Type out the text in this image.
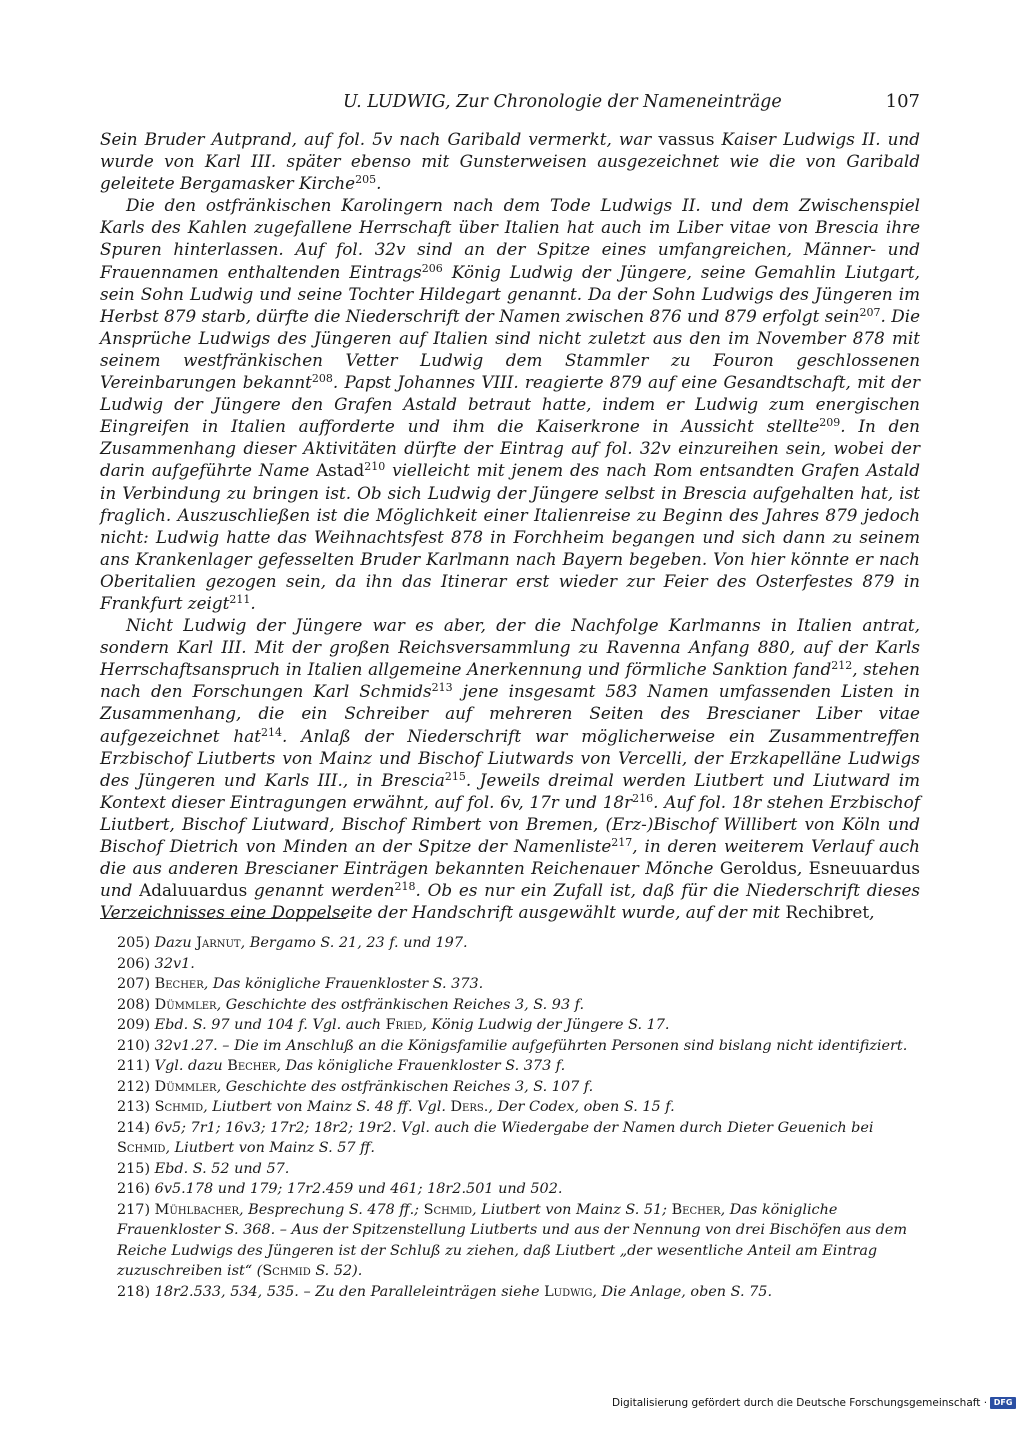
U. LUDWIG, Zur Chronologie der Nameneinträge	107

Sein Bruder Autprand, auf fol. 5v nach Garibald vermerkt, war vassus Kaiser Ludwigs II. und wurde von Karl III. später ebenso mit Gunsterweisen ausgezeichnet wie die von Garibald geleitete Bergamasker Kirche$^{205}$.

Die den ostfränkischen Karolingern nach dem Tode Ludwigs II. und dem Zwischenspiel Karls des Kahlen zugefallene Herrschaft über Italien hat auch im Liber vitae von Brescia ihre Spuren hinterlassen. Auf fol. 32v sind an der Spitze eines umfangreichen, Männer- und Frauennamen enthaltenden Eintrags$^{206}$ König Ludwig der Jüngere, seine Gemahlin Liutgart, sein Sohn Ludwig und seine Tochter Hildegart genannt. Da der Sohn Ludwigs des Jüngeren im Herbst 879 starb, dürfte die Niederschrift der Namen zwischen 876 und 879 erfolgt sein$^{207}$. Die Ansprüche Ludwigs des Jüngeren auf Italien sind nicht zuletzt aus den im November 878 mit seinem westfränkischen Vetter Ludwig dem Stammler zu Fouron geschlossenen Vereinbarungen bekannt$^{208}$. Papst Johannes VIII. reagierte 879 auf eine Gesandtschaft, mit der Ludwig der Jüngere den Grafen Astald betraut hatte, indem er Ludwig zum energischen Eingreifen in Italien aufforderte und ihm die Kaiserkrone in Aussicht stellte$^{209}$. In den Zusammenhang dieser Aktivitäten dürfte der Eintrag auf fol. 32v einzureihen sein, wobei der darin aufgeführte Name Astad$^{210}$ vielleicht mit jenem des nach Rom entsandten Grafen Astald in Verbindung zu bringen ist. Ob sich Ludwig der Jüngere selbst in Brescia aufgehalten hat, ist fraglich. Auszuschließen ist die Möglichkeit einer Italienreise zu Beginn des Jahres 879 jedoch nicht: Ludwig hatte das Weihnachtsfest 878 in Forchheim begangen und sich dann zu seinem ans Krankenlager gefesselten Bruder Karlmann nach Bayern begeben. Von hier könnte er nach Oberitalien gezogen sein, da ihn das Itinerar erst wieder zur Feier des Osterfestes 879 in Frankfurt zeigt$^{211}$.

Nicht Ludwig der Jüngere war es aber, der die Nachfolge Karlmanns in Italien antrat, sondern Karl III. Mit der großen Reichsversammlung zu Ravenna Anfang 880, auf der Karls Herrschaftsanspruch in Italien allgemeine Anerkennung und förmliche Sanktion fand$^{212}$, stehen nach den Forschungen Karl Schmids$^{213}$ jene insgesamt 583 Namen umfassenden Listen in Zusammenhang, die ein Schreiber auf mehreren Seiten des Brescianer Liber vitae aufgezeichnet hat$^{214}$. Anlaß der Niederschrift war möglicherweise ein Zusammentreffen Erzbischof Liutberts von Mainz und Bischof Liutwards von Vercelli, der Erzkapelläne Ludwigs des Jüngeren und Karls III., in Brescia$^{215}$. Jeweils dreimal werden Liutbert und Liutward im Kontext dieser Eintragungen erwähnt, auf fol. 6v, 17r und 18r$^{216}$. Auf fol. 18r stehen Erzbischof Liutbert, Bischof Liutward, Bischof Rimbert von Bremen, (Erz-)Bischof Willibert von Köln und Bischof Dietrich von Minden an der Spitze der Namenliste$^{217}$, in deren weiterem Verlauf auch die aus anderen Brescianer Einträgen bekannten Reichenauer Mönche Geroldus, Esneuuardus und Adaluuardus genannt werden$^{218}$. Ob es nur ein Zufall ist, daß für die Niederschrift dieses Verzeichnisses eine Doppelseite der Handschrift ausgewählt wurde, auf der mit Rechibret,

205) Dazu Jarnut, Bergamo S. 21, 23 f. und 197.

206) 32v1.

207) Becher, Das königliche Frauenkloster S. 373.

208) Dümmler, Geschichte des ostfränkischen Reiches 3, S. 93 f.

209) Ebd. S. 97 und 104 f. Vgl. auch Fried, König Ludwig der Jüngere S. 17.

210) 32v1.27. – Die im Anschluß an die Königsfamilie aufgeführten Personen sind bislang nicht identifiziert.

211) Vgl. dazu Becher, Das königliche Frauenkloster S. 373 f.

212) Dümmler, Geschichte des ostfränkischen Reiches 3, S. 107 f.

213) Schmid, Liutbert von Mainz S. 48 ff. Vgl. Ders., Der Codex, oben S. 15 f.

214) 6v5; 7r1; 16v3; 17r2; 18r2; 19r2. Vgl. auch die Wiedergabe der Namen durch Dieter Geuenich bei Schmid, Liutbert von Mainz S. 57 ff.

215) Ebd. S. 52 und 57.

216) 6v5.178 und 179; 17r2.459 und 461; 18r2.501 und 502.

217) Mühlbacher, Besprechung S. 478 ff.; Schmid, Liutbert von Mainz S. 51; Becher, Das königliche Frauenkloster S. 368. – Aus der Spitzenstellung Liutberts und aus der Nennung von drei Bischöfen aus dem Reiche Ludwigs des Jüngeren ist der Schluß zu ziehen, daß Liutbert „der wesentliche Anteil am Eintrag zuzuschreiben ist“ (Schmid S. 52).

218) 18r2.533, 534, 535. – Zu den Paralleleinträgen siehe Ludwig, Die Anlage, oben S. 75.

Digitalisierung gefördert durch die Deutsche Forschungsgemeinschaft · DFG
